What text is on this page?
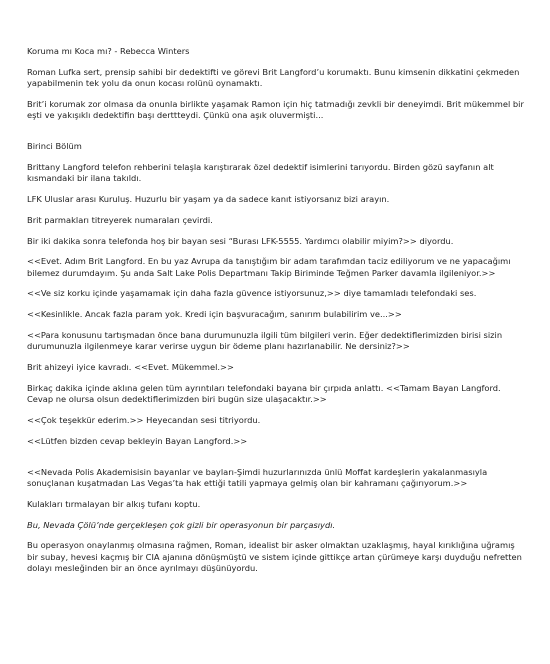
Koruma mı Koca mı? - Rebecca Winters

Roman Lufka sert, prensip sahibi bir dedektifti ve görevi Brit Langford’u korumaktı. Bunu kimsenin dikkatini çekmeden yapabilmenin tek yolu da onun kocası rolünü oynamaktı.

Brit’i korumak zor olmasa da onunla birlikte yaşamak Ramon için hiç tatmadığı zevkli bir deneyimdi. Brit mükemmel bir eşti ve yakışıklı dedektifin başı derttteydi. Çünkü ona aşık oluvermişti...

Birinci Bölüm

Brittany Langford telefon rehberini telaşla karıştırarak özel dedektif isimlerini tarıyordu. Birden gözü sayfanın alt kısmandaki bir ilana takıldı.

LFK Uluslar arası Kuruluş. Huzurlu bir yaşam ya da sadece kanıt istiyorsanız bizi arayın.

Brit parmakları titreyerek numaraları çevirdi.

Bir iki dakika sonra telefonda hoş bir bayan sesi “Burası LFK-5555. Yardımcı olabilir miyim?>> diyordu.

<<Evet. Adım Brit Langford. En bu yaz Avrupa da tanıştığım bir adam tarafımdan taciz ediliyorum ve ne yapacağımı bilemez durumdayım. Şu anda Salt Lake Polis Departmanı Takip Biriminde Teğmen Parker davamla ilgileniyor.>>

<<Ve siz korku içinde yaşamamak için daha fazla güvence istiyorsunuz,>> diye tamamladı telefondaki ses.

<<Kesinlikle. Ancak fazla param yok. Kredi için başvuracağım, sanırım bulabilirim ve...>>

<<Para konusunu tartışmadan önce bana durumunuzla ilgili tüm bilgileri verin. Eğer dedektiflerimizden birisi sizin durumunuzla ilgilenmeye karar verirse uygun bir ödeme planı hazırlanabilir. Ne dersiniz?>>

Brit ahizeyi iyice kavradı. <<Evet. Mükemmel.>>

Birkaç dakika içinde aklına gelen tüm ayrıntıları telefondaki bayana bir çırpıda anlattı. <<Tamam Bayan Langford. Cevap ne olursa olsun dedektiflerimizden biri bugün size ulaşacaktır.>>

<<Çok teşekkür ederim.>> Heyecandan sesi titriyordu.

<<Lütfen bizden cevap bekleyin Bayan Langford.>>

<<Nevada Polis Akademisisin bayanlar ve bayları-Şimdi huzurlarınızda ünlü Moffat kardeşlerin yakalanmasıyla sonuçlanan kuşatmadan Las Vegas’ta hak ettiği tatili yapmaya gelmiş olan bir kahramanı çağırıyorum.>>

Kulakları tırmalayan bir alkış tufanı koptu.

Bu, Nevada Çölü’nde gerçekleşen çok gizli bir operasyonun bir parçasıydı.

Bu operasyon onaylanmış olmasına rağmen, Roman, idealist bir asker olmaktan uzaklaşmış, hayal kırıklığına uğramış bir subay, hevesi kaçmış bir CIA ajanına dönüşmüştü ve sistem içinde gittikçe artan çürümeye karşı duyduğu nefretten dolayı mesleğinden bir an önce ayrılmayı düşünüyordu.
